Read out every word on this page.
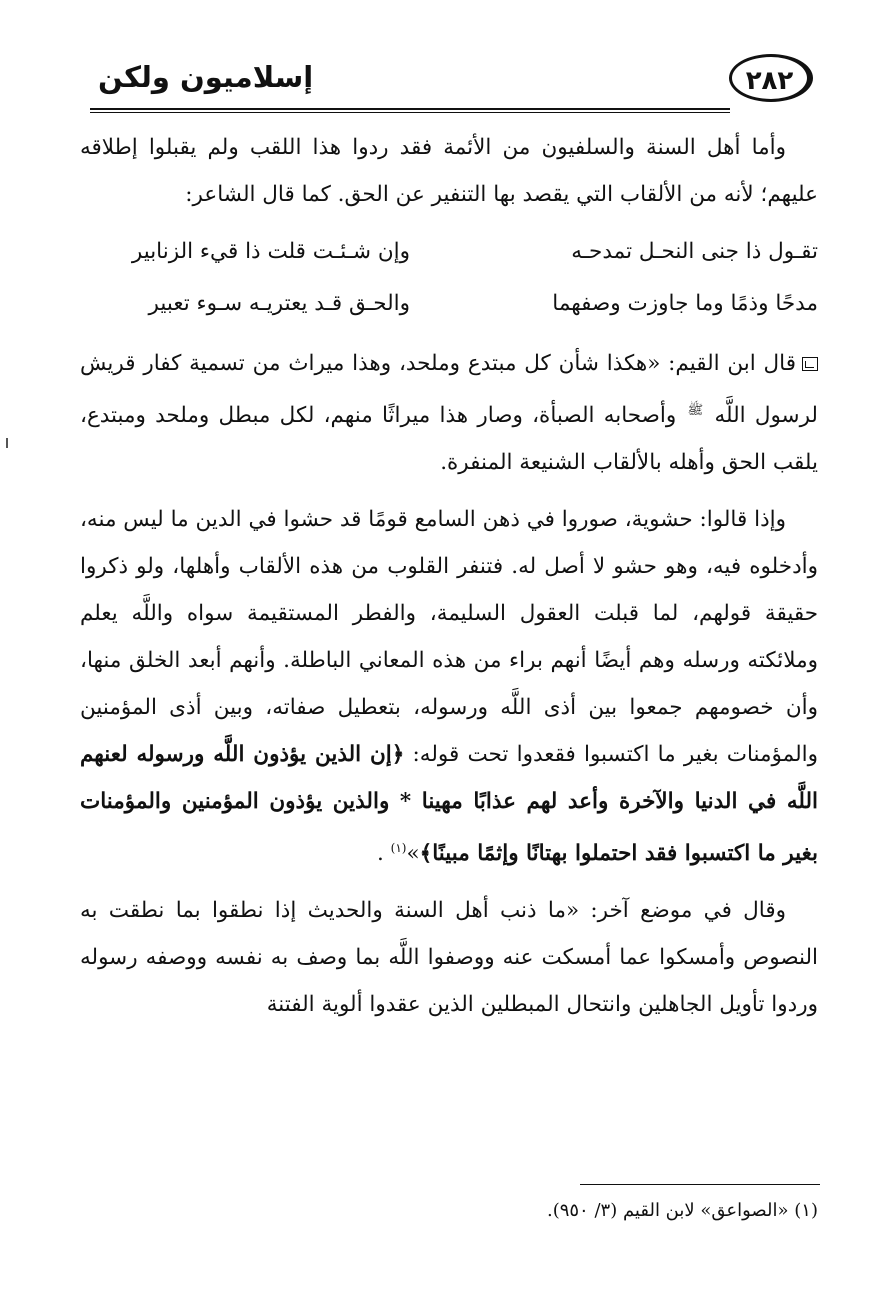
٢٨٢
إسلاميون ولكن

وأما أهل السنة والسلفيون من الأئمة فقد ردوا هذا اللقب ولم يقبلوا إطلاقه عليهم؛ لأنه من الألقاب التي يقصد بها التنفير عن الحق. كما قال الشاعر:

تقـول ذا جنى النحـل تمدحـه
وإن شـئـت قلت ذا قيء الزنابير
مدحًا وذمًا وما جاوزت وصفهما
والحـق قـد يعتريـه سـوء تعبير

قال ابن القيم: «هكذا شأن كل مبتدع وملحد، وهذا ميراث من تسمية كفار قريش لرسول اللَّه $^ﷺ$ وأصحابه الصبأة، وصار هذا ميراثًا منهم، لكل مبطل وملحد ومبتدع، يلقب الحق وأهله بالألقاب الشنيعة المنفرة.

وإذا قالوا: حشوية، صوروا في ذهن السامع قومًا قد حشوا في الدين ما ليس منه، وأدخلوه فيه، وهو حشو لا أصل له. فتنفر القلوب من هذه الألقاب وأهلها، ولو ذكروا حقيقة قولهم، لما قبلت العقول السليمة، والفطر المستقيمة سواه واللَّه يعلم وملائكته ورسله وهم أيضًا أنهم براء من هذه المعاني الباطلة. وأنهم أبعد الخلق منها، وأن خصومهم جمعوا بين أذى اللَّه ورسوله، بتعطيل صفاته، وبين أذى المؤمنين والمؤمنات بغير ما اكتسبوا فقعدوا تحت قوله: ﴿إن الذين يؤذون اللَّه ورسوله لعنهم اللَّه في الدنيا والآخرة وأعد لهم عذابًا مهينا * والذين يؤذون المؤمنين والمؤمنات بغير ما اكتسبوا فقد احتملوا بهتانًا وإثمًا مبينًا﴾»$^{(١)}$ .

وقال في موضع آخر: «ما ذنب أهل السنة والحديث إذا نطقوا بما نطقت به النصوص وأمسكوا عما أمسكت عنه ووصفوا اللَّه بما وصف به نفسه ووصفه رسوله وردوا تأويل الجاهلين وانتحال المبطلين الذين عقدوا ألوية الفتنة

(١) «الصواعق» لابن القيم (٣/ ٩٥٠).
